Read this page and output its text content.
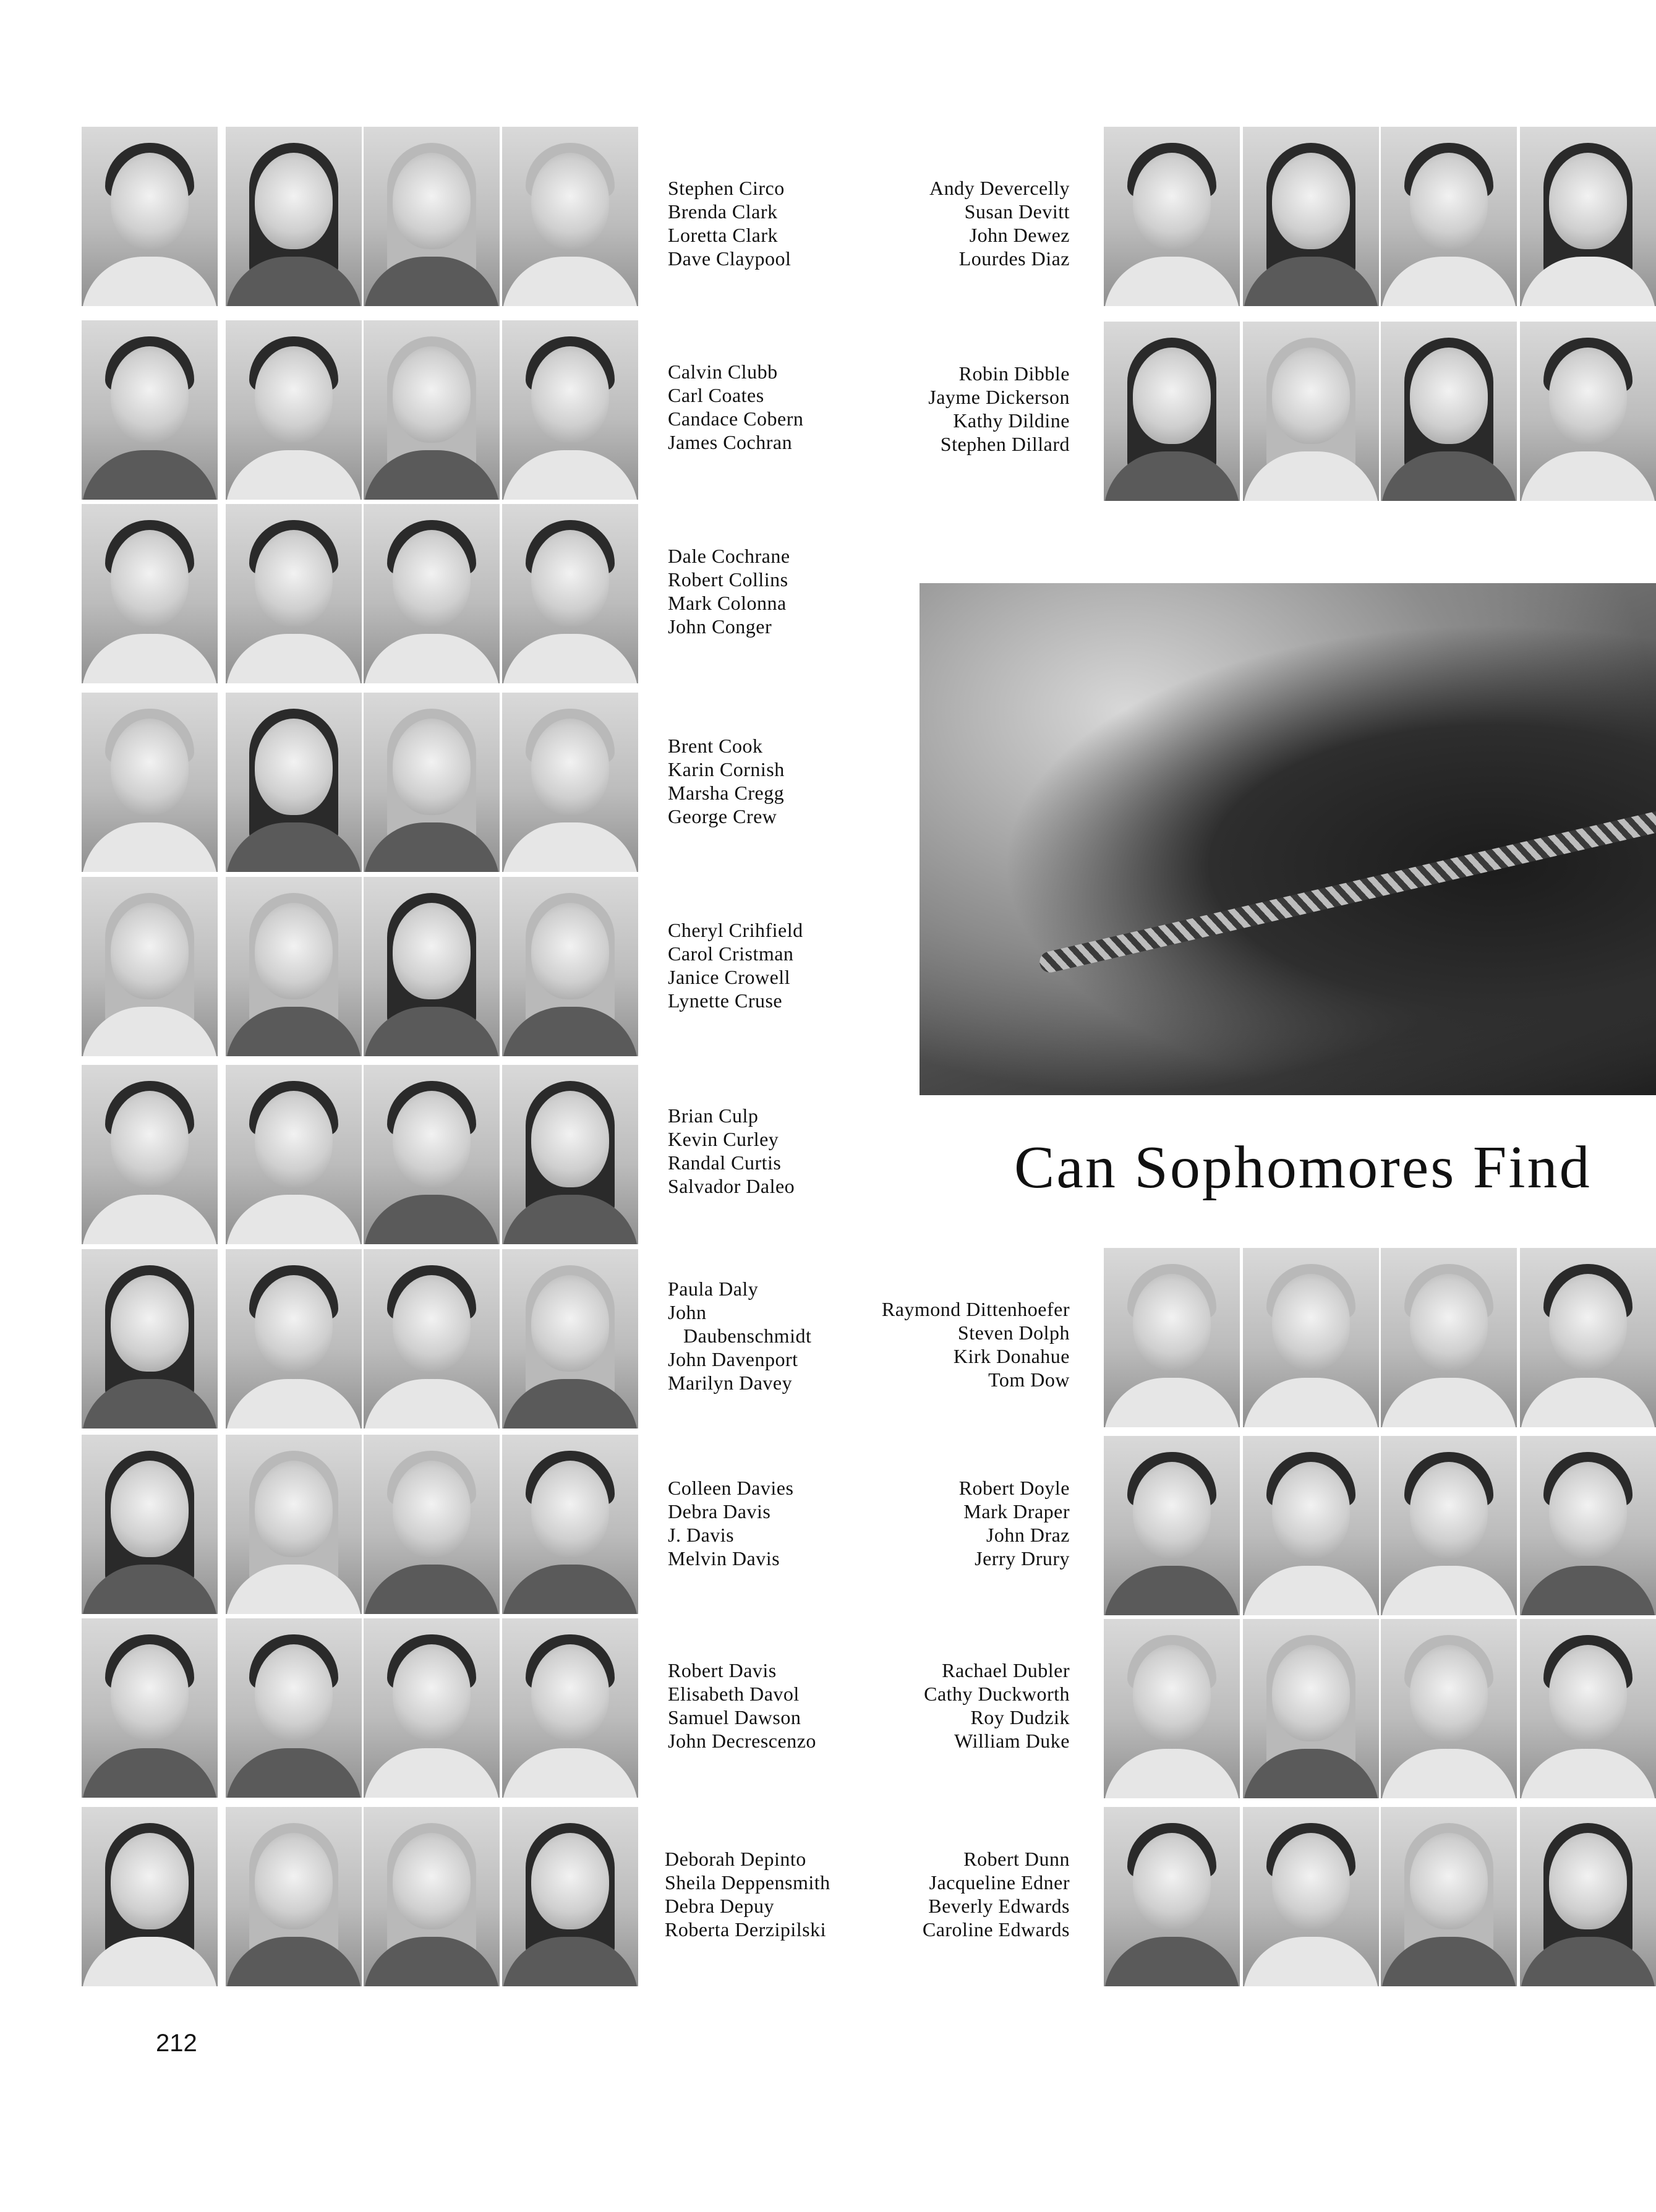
Stephen Circo
Brenda Clark
Loretta Clark
Dave Claypool
Calvin Clubb
Carl Coates
Candace Cobern
James Cochran
Dale Cochrane
Robert Collins
Mark Colonna
John Conger
Brent Cook
Karin Cornish
Marsha Cregg
George Crew
Cheryl Crihfield
Carol Cristman
Janice Crowell
Lynette Cruse
Brian Culp
Kevin Curley
Randal Curtis
Salvador Daleo
Paula Daly
John
Daubenschmidt
John Davenport
Marilyn Davey
Colleen Davies
Debra Davis
J. Davis
Melvin Davis
Robert Davis
Elisabeth Davol
Samuel Dawson
John Decrescenzo
Deborah Depinto
Sheila Deppensmith
Debra Depuy
Roberta Derzipilski
Andy Devercelly
Susan Devitt
John Dewez
Lourdes Diaz
Robin Dibble
Jayme Dickerson
Kathy Dildine
Stephen Dillard
Raymond Dittenhoefer
Steven Dolph
Kirk Donahue
Tom Dow
Robert Doyle
Mark Draper
John Draz
Jerry Drury
Rachael Dubler
Cathy Duckworth
Roy Dudzik
William Duke
Robert Dunn
Jacqueline Edner
Beverly Edwards
Caroline Edwards
Can Sophomores Find
212
